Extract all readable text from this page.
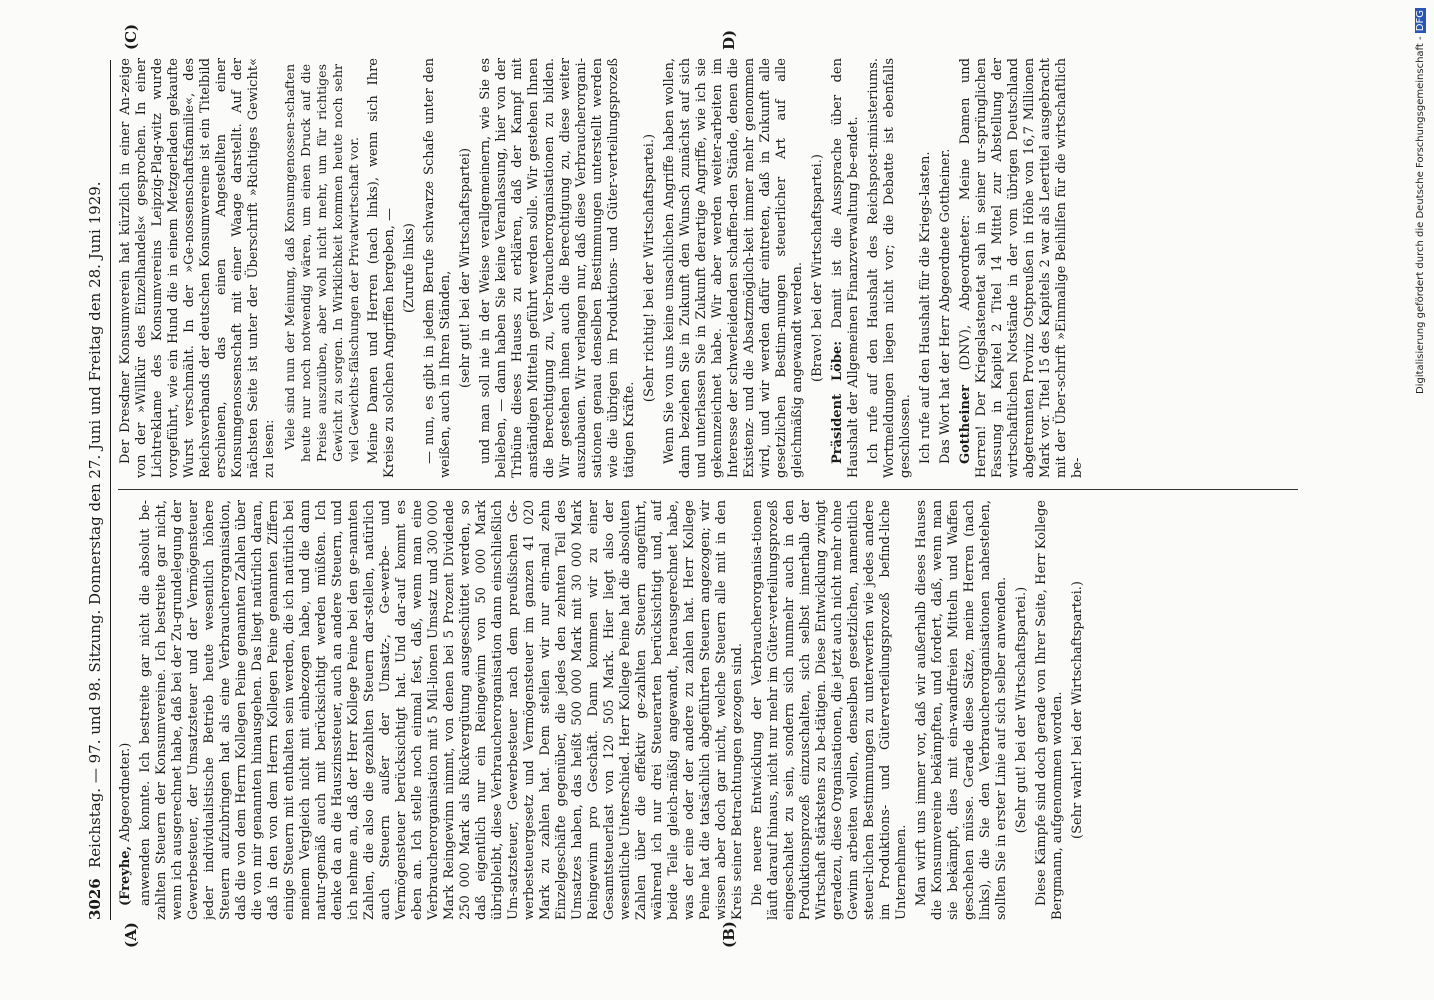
3026
Reichstag. — 97. und 98. Sitzung. Donnerstag den 27. Juni und Freitag den 28. Juni 1929.
(A)	(B)
(C)	D)

(Freyhe, Abgeordneter.) anwenden konnte. Ich bestreite gar nicht die absolut be-zahlten Steuern der Konsumvereine. Ich bestreite gar nicht, wenn ich ausgerechnet habe, daß bei der Zu-grundelegung der Gewerbesteuer, der Umsatzsteuer und der Vermögensteuer jeder individualistische Betrieb heute wesentlich höhere Steuern aufzubringen hat als eine Verbraucherorganisation, daß die von dem Herrn Kollegen Peine genannten Zahlen über die von mir genannten hinausgehen. Das liegt natürlich daran, daß in den von dem Herrn Kollegen Peine genannten Ziffern einige Steuern mit enthalten sein werden, die ich natürlich bei meinem Vergleich nicht mit einbezogen habe, und die dann natur-gemäß auch mit berücksichtigt werden müßten. Ich denke da an die Hauszinssteuer, auch an andere Steuern, und ich nehme an, daß der Herr Kollege Peine bei den ge-nannten Zahlen, die also die gezahlten Steuern dar-stellen, natürlich auch Steuern außer der Umsatz-, Ge-werbe- und Vermögensteuer berücksichtigt hat. Und dar-auf kommt es eben an. Ich stelle noch einmal fest, daß, wenn man eine Verbraucherorganisation mit 5 Mil-lionen Umsatz und 300 000 Mark Reingewinn nimmt, von denen bei 5 Prozent Dividende 250 000 Mark als Rückvergütung ausgeschüttet werden, so daß eigentlich nur ein Reingewinn von 50 000 Mark übrigbleibt, diese Verbraucherorganisation dann einschließlich Um-satzsteuer, Gewerbesteuer nach dem preußischen Ge-werbesteuergesetz und Vermögensteuer im ganzen 41 020 Mark zu zahlen hat. Dem stellen wir nur ein-mal zehn Einzelgeschäfte gegenüber, die jedes den zehnten Teil des Umsatzes haben, das heißt 500 000 Mark mit 30 000 Mark Reingewinn pro Geschäft. Dann kommen wir zu einer Gesamtsteuerlast von 120 505 Mark. Hier liegt also der wesentliche Unterschied. Herr Kollege Peine hat die absoluten Zahlen über die effektiv ge-zahlten Steuern angeführt, während ich nur drei Steuerarten berücksichtigt und, auf beide Teile gleich-mäßig angewandt, herausgerechnet habe, was der eine oder der andere zu zahlen hat. Herr Kollege Peine hat die tatsächlich abgeführten Steuern angezogen; wir wissen aber doch gar nicht, welche Steuern alle mit in den Kreis seiner Betrachtungen gezogen sind. Die neuere Entwicklung der Verbraucherorganisa-tionen läuft darauf hinaus, nicht nur mehr im Güter-verteilungsprozeß eingeschaltet zu sein, sondern sich nunmehr auch in den Produktionsprozeß einzuschalten, sich selbst innerhalb der Wirtschaft stärkstens zu be-tätigen. Diese Entwicklung zwingt geradezu, diese Organisationen, die jetzt auch nicht mehr ohne Gewinn arbeiten wollen, denselben gesetzlichen, namentlich steuer-lichen Bestimmungen zu unterwerfen wie jedes andere im Produktions- und Güterverteilungsprozeß befind-liche Unternehmen. Man wirft uns immer vor, daß wir außerhalb dieses Hauses die Konsumvereine bekämpften, und fordert, daß, wenn man sie bekämpft, dies mit ein-wandfreien Mitteln und Waffen geschehen müsse. Gerade diese Sätze, meine Herren (nach links), die Sie den Verbraucherorganisationen nahestehen, sollten Sie in erster Linie auf sich selber anwenden. (Sehr gut! bei der Wirtschaftspartei.) Diese Kämpfe sind doch gerade von Ihrer Seite, Herr Kollege Bergmann, aufgenommen worden. (Sehr wahr! bei der Wirtschaftspartei.)

Der Dresdner Konsumverein hat kürzlich in einer An-zeige von der »Willkür des Einzelhandels« gesprochen. In einer Lichtreklame des Konsumvereins Leipzig-Plag-witz wurde vorgeführt, wie ein Hund die in einem Metzgerladen gekaufte Wurst verschmäht. In der »Ge-nossenschaftsfamilie«, des Reichsverbands der deutschen Konsumvereine ist ein Titelbild erschienen, das einen Angestellten einer Konsumgenossenschaft mit einer Waage darstellt. Auf der nächsten Seite ist unter der Überschrift »Richtiges Gewicht« zu lesen: Viele sind nun der Meinung, daß Konsumgenossen-schaften heute nur noch notwendig wären, um einen Druck auf die Preise auszuüben, aber wohl nicht mehr, um für richtiges Gewicht zu sorgen. In Wirklichkeit kommen heute noch sehr viel Gewichts-fälschungen der Privatwirtschaft vor. Meine Damen und Herren (nach links), wenn sich Ihre Kreise zu solchen Angriffen hergeben, — (Zurufe links) — nun, es gibt in jedem Berufe schwarze Schafe unter den weißen, auch in Ihren Ständen, (sehr gut! bei der Wirtschaftspartei) und man soll nie in der Weise verallgemeinern, wie Sie es belieben, — dann haben Sie keine Veranlassung, hier von der Tribüne dieses Hauses zu erklären, daß der Kampf mit anständigen Mitteln geführt werden solle. Wir gestehen Ihnen die Berechtigung zu, Ver-braucherorganisationen zu bilden. Wir gestehen ihnen auch die Berechtigung zu, diese weiter auszubauen. Wir verlangen nur, daß diese Verbraucherorgani-sationen genau denselben Bestimmungen unterstellt werden wie die übrigen im Produktions- und Güter-verteilungsprozeß tätigen Kräfte.

(Sehr richtig! bei der Wirtschaftspartei.) Wenn Sie von uns keine unsachlichen Angriffe haben wollen, dann beziehen Sie in Zukunft den Wunsch zunächst auf sich und unterlassen Sie in Zukunft derartige Angriffe, wie ich sie gekennzeichnet habe. Wir aber werden weiter-arbeiten im Interesse der schwerleidenden schaffen-den Stände, denen die Existenz- und die Absatzmöglich-keit immer mehr genommen wird, und wir werden dafür eintreten, daß in Zukunft alle gesetzlichen Bestim-mungen steuerlicher Art auf alle gleichmäßig angewandt werden. (Bravo! bei der Wirtschaftspartei.)

Präsident Löbe: Damit ist die Aussprache über den Haushalt der Allgemeinen Finanzverwaltung be-endet. Ich rufe auf den Haushalt des Reichspost-ministeriums. Wortmeldungen liegen nicht vor; die Debatte ist ebenfalls geschlossen. Ich rufe auf den Haushalt für die Kriegs-lasten. Das Wort hat der Herr Abgeordnete Gottheiner. Gottheiner (DNV), Abgeordneter: Meine Damen und Herren! Der Kriegslastenetat sah in seiner ur-sprünglichen Fassung in Kapitel 2 Titel 14 Mittel zur Abstellung der wirtschaftlichen Notstände in der vom übrigen Deutschland abgetrennten Provinz Ostpreußen in Höhe von 16,7 Millionen Mark vor. Titel 15 des Kapitels 2 war als Leertitel ausgebracht mit der Über-schrift »Einmalige Beihilfen für die wirtschaftlich be-

Digitalisierung gefördert durch die Deutsche Forschungsgemeinschaft - DFG
